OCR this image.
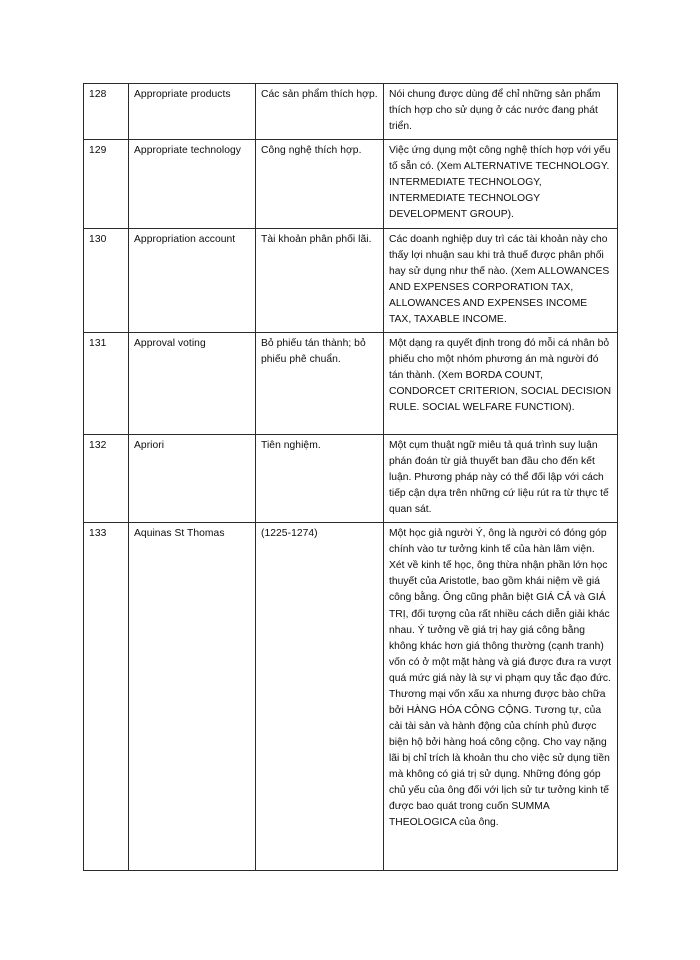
128	Appropriate products	Các sản phẩm thích hợp.	Nói chung được dùng để chỉ những sản phẩm thích hợp cho sử dụng ở các nước đang phát triển.
129	Appropriate technology	Công nghệ thích hợp.	Việc ứng dụng một công nghệ thích hợp với yếu tố sẵn có. (Xem ALTERNATIVE TECHNOLOGY. INTERMEDIATE TECHNOLOGY, INTERMEDIATE TECHNOLOGY DEVELOPMENT GROUP).
130	Appropriation account	Tài khoản phân phối lãi.	Các doanh nghiệp duy trì các tài khoản này cho thấy lợi nhuận sau khi trả thuế được phân phối hay sử dụng như thế nào. (Xem ALLOWANCES AND EXPENSES CORPORATION TAX, ALLOWANCES AND EXPENSES INCOME TAX, TAXABLE INCOME.
131	Approval voting	Bỏ phiếu tán thành; bỏ phiếu phê chuẩn.	Một dạng ra quyết định trong đó mỗi cá nhân bỏ phiếu cho một nhóm phương án mà người đó tán thành. (Xem BORDA COUNT, CONDORCET CRITERION, SOCIAL DECISION RULE. SOCIAL WELFARE FUNCTION).
132	Apriori	Tiên nghiệm.	Một cụm thuật ngữ miêu tả quá trình suy luận phán đoán từ giả thuyết ban đầu cho đến kết luận. Phương pháp này có thể đối lập với cách tiếp cận dựa trên những cứ liệu rút ra từ thực tế quan sát.
133	Aquinas St Thomas	(1225-1274)	Một học giả người Ý, ông là người có đóng góp chính vào tư tưởng kinh tế của hàn lâm viện. Xét về kinh tế học, ông thừa nhận phần lớn học thuyết của Aristotle, bao gồm khái niệm về giá công bằng. Ông cũng phân biệt GIÁ CẢ và GIÁ TRỊ, đối tượng của rất nhiều cách diễn giải khác nhau. Ý tưởng về giá trị hay giá công bằng không khác hơn giá thông thường (cạnh tranh) vốn có ở một mặt hàng và giá được đưa ra vượt quá mức giá này là sự vi phạm quy tắc đạo đức. Thương mại vốn xấu xa nhưng được bào chữa bởi HÀNG HÓA CÔNG CỘNG. Tương tự, của cải tài sản và hành động của chính phủ được biện hộ bởi hàng hoá công cộng. Cho vay nặng lãi bị chỉ trích là khoản thu cho việc sử dụng tiền mà không có giá trị sử dụng. Những đóng góp chủ yếu của ông đối với lịch sử tư tưởng kinh tế được bao quát trong cuốn SUMMA THEOLOGICA của ông.
